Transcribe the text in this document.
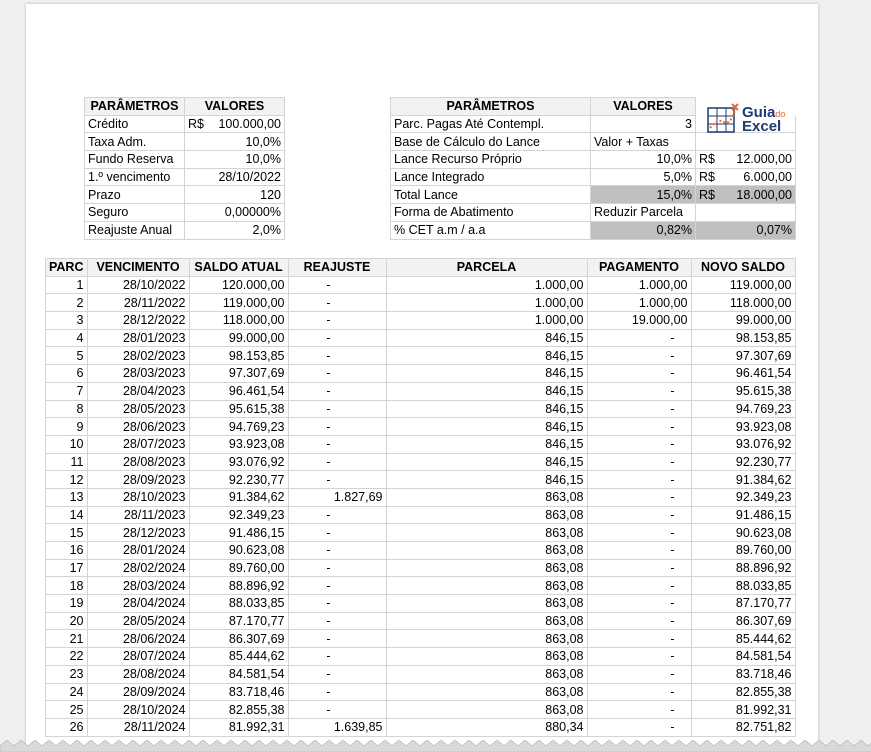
PARÂMETROS	VALORES
Crédito	R$ 100.000,00

Taxa Adm.	10,0%
Fundo Reserva	10,0%
1.º vencimento	28/10/2022
Prazo	120
Seguro	0,00000%
Reajuste Anual	2,0%
PARÂMETROS	VALORES	
Parc. Pagas Até Contempl.	3	
Base de Cálculo do Lance	Valor + Taxas	
Lance Recurso Próprio	10,0%	R$ 12.000,00

Lance Integrado	5,0%	R$ 6.000,00

Total Lance	15,0%	R$ 18.000,00

Forma de Abatimento	Reduzir Parcela	
% CET a.m / a.a	0,82%	0,07%
Guiado
Excel
PARC	VENCIMENTO	SALDO ATUAL	REAJUSTE	PARCELA	PAGAMENTO	NOVO SALDO
1	28/10/2022	120.000,00	-	1.000,00	1.000,00	119.000,00
2	28/11/2022	119.000,00	-	1.000,00	1.000,00	118.000,00
3	28/12/2022	118.000,00	-	1.000,00	19.000,00	99.000,00
4	28/01/2023	99.000,00	-	846,15	-	98.153,85
5	28/02/2023	98.153,85	-	846,15	-	97.307,69
6	28/03/2023	97.307,69	-	846,15	-	96.461,54
7	28/04/2023	96.461,54	-	846,15	-	95.615,38
8	28/05/2023	95.615,38	-	846,15	-	94.769,23
9	28/06/2023	94.769,23	-	846,15	-	93.923,08
10	28/07/2023	93.923,08	-	846,15	-	93.076,92
11	28/08/2023	93.076,92	-	846,15	-	92.230,77
12	28/09/2023	92.230,77	-	846,15	-	91.384,62
13	28/10/2023	91.384,62	1.827,69	863,08	-	92.349,23
14	28/11/2023	92.349,23	-	863,08	-	91.486,15
15	28/12/2023	91.486,15	-	863,08	-	90.623,08
16	28/01/2024	90.623,08	-	863,08	-	89.760,00
17	28/02/2024	89.760,00	-	863,08	-	88.896,92
18	28/03/2024	88.896,92	-	863,08	-	88.033,85
19	28/04/2024	88.033,85	-	863,08	-	87.170,77
20	28/05/2024	87.170,77	-	863,08	-	86.307,69
21	28/06/2024	86.307,69	-	863,08	-	85.444,62
22	28/07/2024	85.444,62	-	863,08	-	84.581,54
23	28/08/2024	84.581,54	-	863,08	-	83.718,46
24	28/09/2024	83.718,46	-	863,08	-	82.855,38
25	28/10/2024	82.855,38	-	863,08	-	81.992,31
26	28/11/2024	81.992,31	1.639,85	880,34	-	82.751,82
